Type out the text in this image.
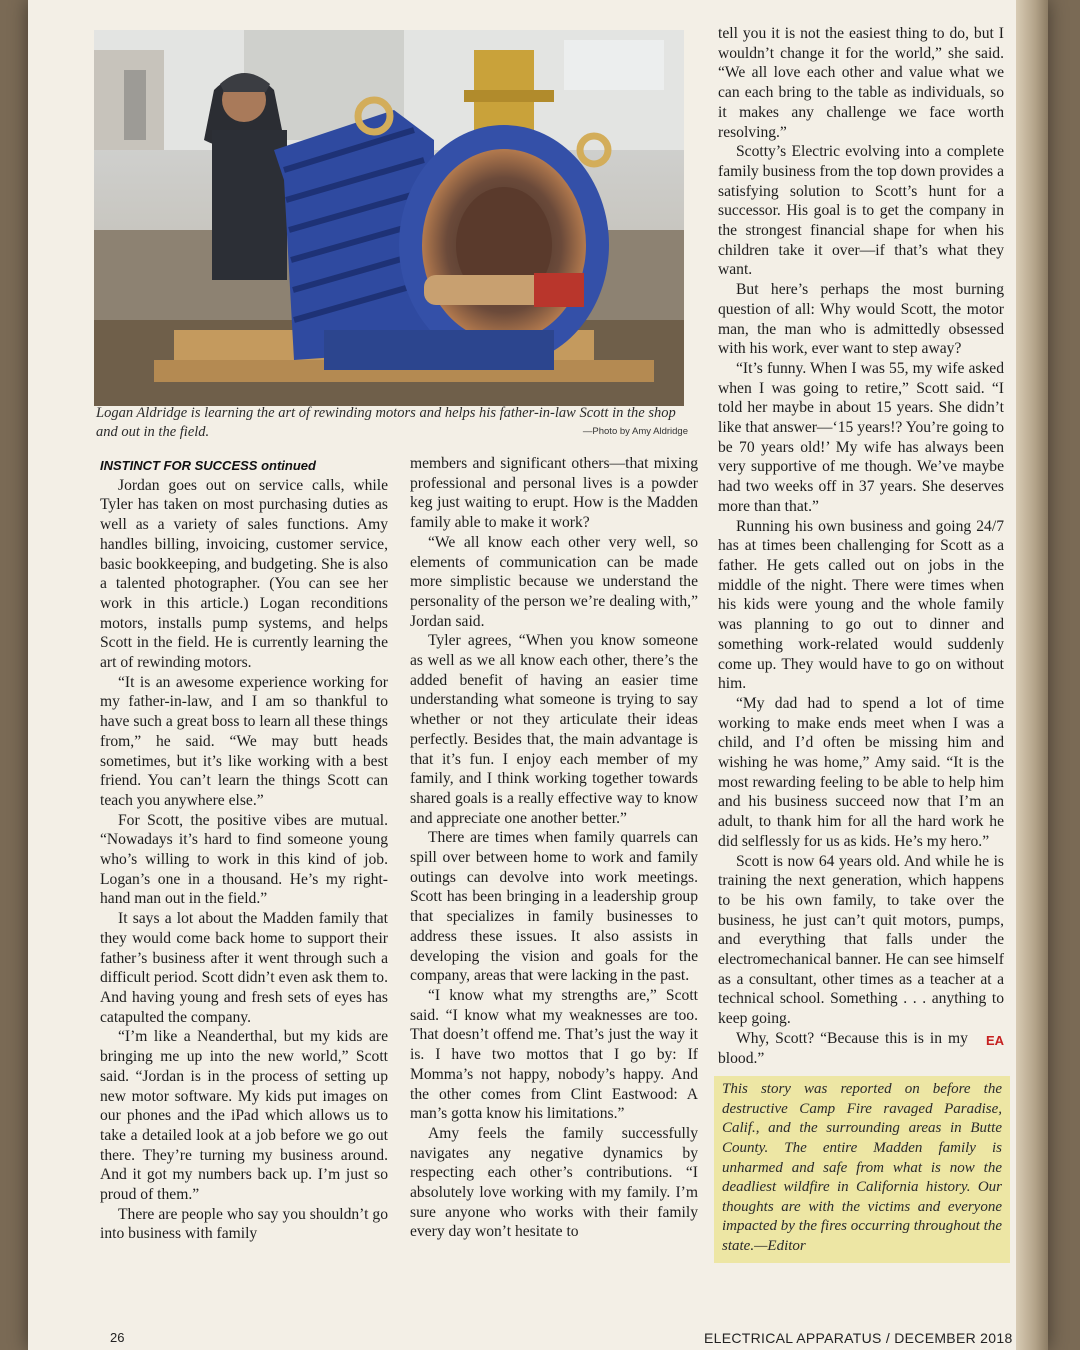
Logan Aldridge is learning the art of rewinding motors and helps his father-in-law Scott in the shop and out in the field.	—Photo by Amy Aldridge

INSTINCT FOR SUCCESS ontinued

Jordan goes out on service calls, while Tyler has taken on most purchasing duties as well as a variety of sales functions. Amy handles billing, invoicing, customer service, basic bookkeeping, and budgeting. She is also a talented photographer. (You can see her work in this article.) Logan reconditions motors, installs pump systems, and helps Scott in the field. He is currently learning the art of rewinding motors.

“It is an awesome experience working for my father-in-law, and I am so thankful to have such a great boss to learn all these things from,” he said. “We may butt heads sometimes, but it’s like working with a best friend. You can’t learn the things Scott can teach you anywhere else.”

For Scott, the positive vibes are mutual. “Nowadays it’s hard to find someone young who’s willing to work in this kind of job. Logan’s one in a thousand. He’s my right-hand man out in the field.”

It says a lot about the Madden family that they would come back home to support their father’s business after it went through such a difficult period. Scott didn’t even ask them to. And having young and fresh sets of eyes has catapulted the company.

“I’m like a Neanderthal, but my kids are bringing me up into the new world,” Scott said. “Jordan is in the process of setting up new motor software. My kids put images on our phones and the iPad which allows us to take a detailed look at a job before we go out there. They’re turning my business around. And it got my numbers back up. I’m just so proud of them.”

There are people who say you shouldn’t go into business with family

members and significant others—that mixing professional and personal lives is a powder keg just waiting to erupt. How is the Madden family able to make it work?

“We all know each other very well, so elements of communication can be made more simplistic because we understand the personality of the person we’re dealing with,” Jordan said.

Tyler agrees, “When you know someone as well as we all know each other, there’s the added benefit of having an easier time understanding what someone is trying to say whether or not they articulate their ideas perfectly. Besides that, the main advantage is that it’s fun. I enjoy each member of my family, and I think working together towards shared goals is a really effective way to know and appreciate one another better.”

There are times when family quarrels can spill over between home to work and family outings can devolve into work meetings. Scott has been bringing in a leadership group that specializes in family businesses to address these issues. It also assists in developing the vision and goals for the company, areas that were lacking in the past.

“I know what my strengths are,” Scott said. “I know what my weaknesses are too. That doesn’t offend me. That’s just the way it is. I have two mottos that I go by: If Momma’s not happy, nobody’s happy. And the other comes from Clint Eastwood: A man’s gotta know his limitations.”

Amy feels the family successfully navigates any negative dynamics by respecting each other’s contributions. “I absolutely love working with my family. I’m sure anyone who works with their family every day won’t hesitate to

tell you it is not the easiest thing to do, but I wouldn’t change it for the world,” she said. “We all love each other and value what we can each bring to the table as individuals, so it makes any challenge we face worth resolving.”

Scotty’s Electric evolving into a complete family business from the top down provides a satisfying solution to Scott’s hunt for a successor. His goal is to get the company in the strongest financial shape for when his children take it over—if that’s what they want.

But here’s perhaps the most burning question of all: Why would Scott, the motor man, the man who is admittedly obsessed with his work, ever want to step away?

“It’s funny. When I was 55, my wife asked when I was going to retire,” Scott said. “I told her maybe in about 15 years. She didn’t like that answer—‘15 years!? You’re going to be 70 years old!’ My wife has always been very supportive of me though. We’ve maybe had two weeks off in 37 years. She deserves more than that.”

Running his own business and going 24/7 has at times been challenging for Scott as a father. He gets called out on jobs in the middle of the night. There were times when his kids were young and the whole family was planning to go out to dinner and something work-related would suddenly come up. They would have to go on without him.

“My dad had to spend a lot of time working to make ends meet when I was a child, and I’d often be missing him and wishing he was home,” Amy said. “It is the most rewarding feeling to be able to help him and his business succeed now that I’m an adult, to thank him for all the hard work he did selflessly for us as kids. He’s my hero.”

Scott is now 64 years old. And while he is training the next generation, which happens to be his own family, to take over the business, he just can’t quit motors, pumps, and everything that falls under the electromechanical banner. He can see himself as a consultant, other times as a teacher at a technical school. Something . . . anything to keep going.

EA
Why, Scott? “Because this is in my blood.”

This story was reported on before the destructive Camp Fire ravaged Paradise, Calif., and the surrounding areas in Butte County. The entire Madden family is unharmed and safe from what is now the deadliest wildfire in California history. Our thoughts are with the victims and everyone impacted by the fires occurring throughout the state.—Editor
26	ELECTRICAL APPARATUS / DECEMBER 2018
